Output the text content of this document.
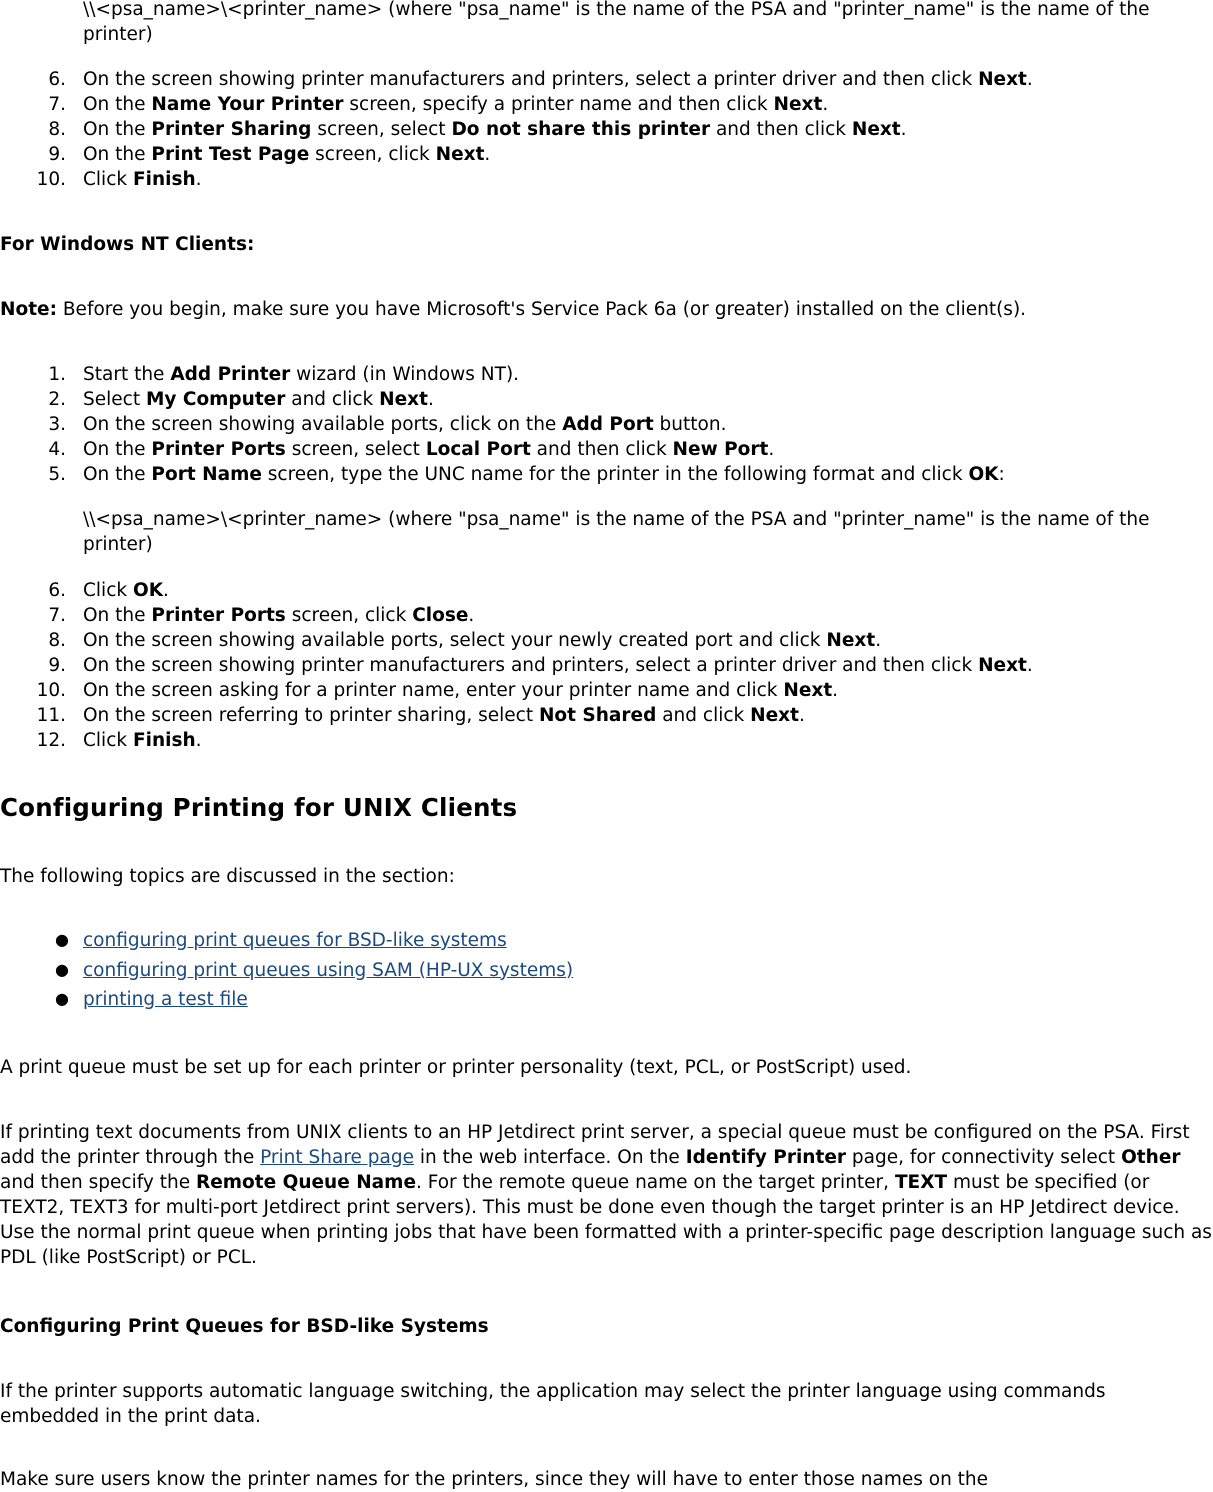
\\<psa_name>\<printer_name> (where "psa_name" is the name of the PSA and "printer_name" is the name of the printer)
6. On the screen showing printer manufacturers and printers, select a printer driver and then click Next.
7. On the Name Your Printer screen, specify a printer name and then click Next.
8. On the Printer Sharing screen, select Do not share this printer and then click Next.
9. On the Print Test Page screen, click Next.
10. Click Finish.
For Windows NT Clients:
Note: Before you begin, make sure you have Microsoft's Service Pack 6a (or greater) installed on the client(s).
1. Start the Add Printer wizard (in Windows NT).
2. Select My Computer and click Next.
3. On the screen showing available ports, click on the Add Port button.
4. On the Printer Ports screen, select Local Port and then click New Port.
5. On the Port Name screen, type the UNC name for the printer in the following format and click OK:
\\<psa_name>\<printer_name> (where "psa_name" is the name of the PSA and "printer_name" is the name of the printer)
6. Click OK.
7. On the Printer Ports screen, click Close.
8. On the screen showing available ports, select your newly created port and click Next.
9. On the screen showing printer manufacturers and printers, select a printer driver and then click Next.
10. On the screen asking for a printer name, enter your printer name and click Next.
11. On the screen referring to printer sharing, select Not Shared and click Next.
12. Click Finish.
Configuring Printing for UNIX Clients
The following topics are discussed in the section:
● configuring print queues for BSD-like systems
● configuring print queues using SAM (HP-UX systems)
● printing a test file
A print queue must be set up for each printer or printer personality (text, PCL, or PostScript) used.
If printing text documents from UNIX clients to an HP Jetdirect print server, a special queue must be configured on the PSA. First add the printer through the Print Share page in the web interface. On the Identify Printer page, for connectivity select Other and then specify the Remote Queue Name. For the remote queue name on the target printer, TEXT must be specified (or TEXT2, TEXT3 for multi-port Jetdirect print servers). This must be done even though the target printer is an HP Jetdirect device. Use the normal print queue when printing jobs that have been formatted with a printer-specific page description language such as PDL (like PostScript) or PCL.
Configuring Print Queues for BSD-like Systems
If the printer supports automatic language switching, the application may select the printer language using commands embedded in the print data.
Make sure users know the printer names for the printers, since they will have to enter those names on the
